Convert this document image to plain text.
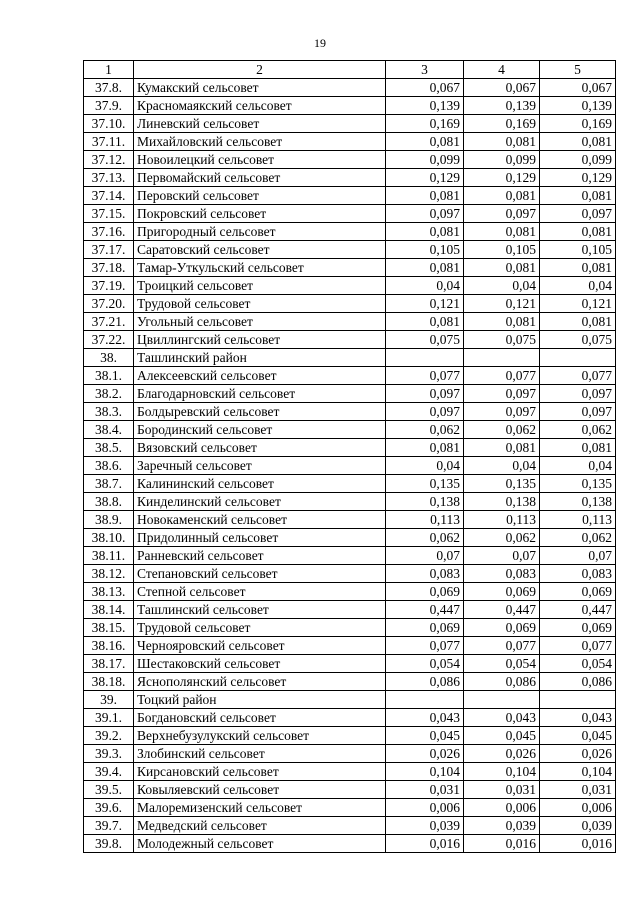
19
1	2	3	4	5
37.8.	Кумакский сельсовет	0,067	0,067	0,067
37.9.	Красномаякский сельсовет	0,139	0,139	0,139
37.10.	Линевский сельсовет	0,169	0,169	0,169
37.11.	Михайловский сельсовет	0,081	0,081	0,081
37.12.	Новоилецкий сельсовет	0,099	0,099	0,099
37.13.	Первомайский сельсовет	0,129	0,129	0,129
37.14.	Перовский сельсовет	0,081	0,081	0,081
37.15.	Покровский сельсовет	0,097	0,097	0,097
37.16.	Пригородный сельсовет	0,081	0,081	0,081
37.17.	Саратовский сельсовет	0,105	0,105	0,105
37.18.	Тамар-Уткульский сельсовет	0,081	0,081	0,081
37.19.	Троицкий сельсовет	0,04	0,04	0,04
37.20.	Трудовой сельсовет	0,121	0,121	0,121
37.21.	Угольный сельсовет	0,081	0,081	0,081
37.22.	Цвиллингский сельсовет	0,075	0,075	0,075
38.	Ташлинский район			
38.1.	Алексеевский сельсовет	0,077	0,077	0,077
38.2.	Благодарновский сельсовет	0,097	0,097	0,097
38.3.	Болдыревский сельсовет	0,097	0,097	0,097
38.4.	Бородинский сельсовет	0,062	0,062	0,062
38.5.	Вязовский сельсовет	0,081	0,081	0,081
38.6.	Заречный сельсовет	0,04	0,04	0,04
38.7.	Калининский сельсовет	0,135	0,135	0,135
38.8.	Кинделинский сельсовет	0,138	0,138	0,138
38.9.	Новокаменский сельсовет	0,113	0,113	0,113
38.10.	Придолинный сельсовет	0,062	0,062	0,062
38.11.	Ранневский сельсовет	0,07	0,07	0,07
38.12.	Степановский сельсовет	0,083	0,083	0,083
38.13.	Степной сельсовет	0,069	0,069	0,069
38.14.	Ташлинский сельсовет	0,447	0,447	0,447
38.15.	Трудовой сельсовет	0,069	0,069	0,069
38.16.	Чернояровский сельсовет	0,077	0,077	0,077
38.17.	Шестаковский сельсовет	0,054	0,054	0,054
38.18.	Яснополянский сельсовет	0,086	0,086	0,086
39.	Тоцкий район			
39.1.	Богдановский сельсовет	0,043	0,043	0,043
39.2.	Верхнебузулукский сельсовет	0,045	0,045	0,045
39.3.	Злобинский сельсовет	0,026	0,026	0,026
39.4.	Кирсановский сельсовет	0,104	0,104	0,104
39.5.	Ковыляевский сельсовет	0,031	0,031	0,031
39.6.	Малоремизенский сельсовет	0,006	0,006	0,006
39.7.	Медведский сельсовет	0,039	0,039	0,039
39.8.	Молодежный сельсовет	0,016	0,016	0,016
